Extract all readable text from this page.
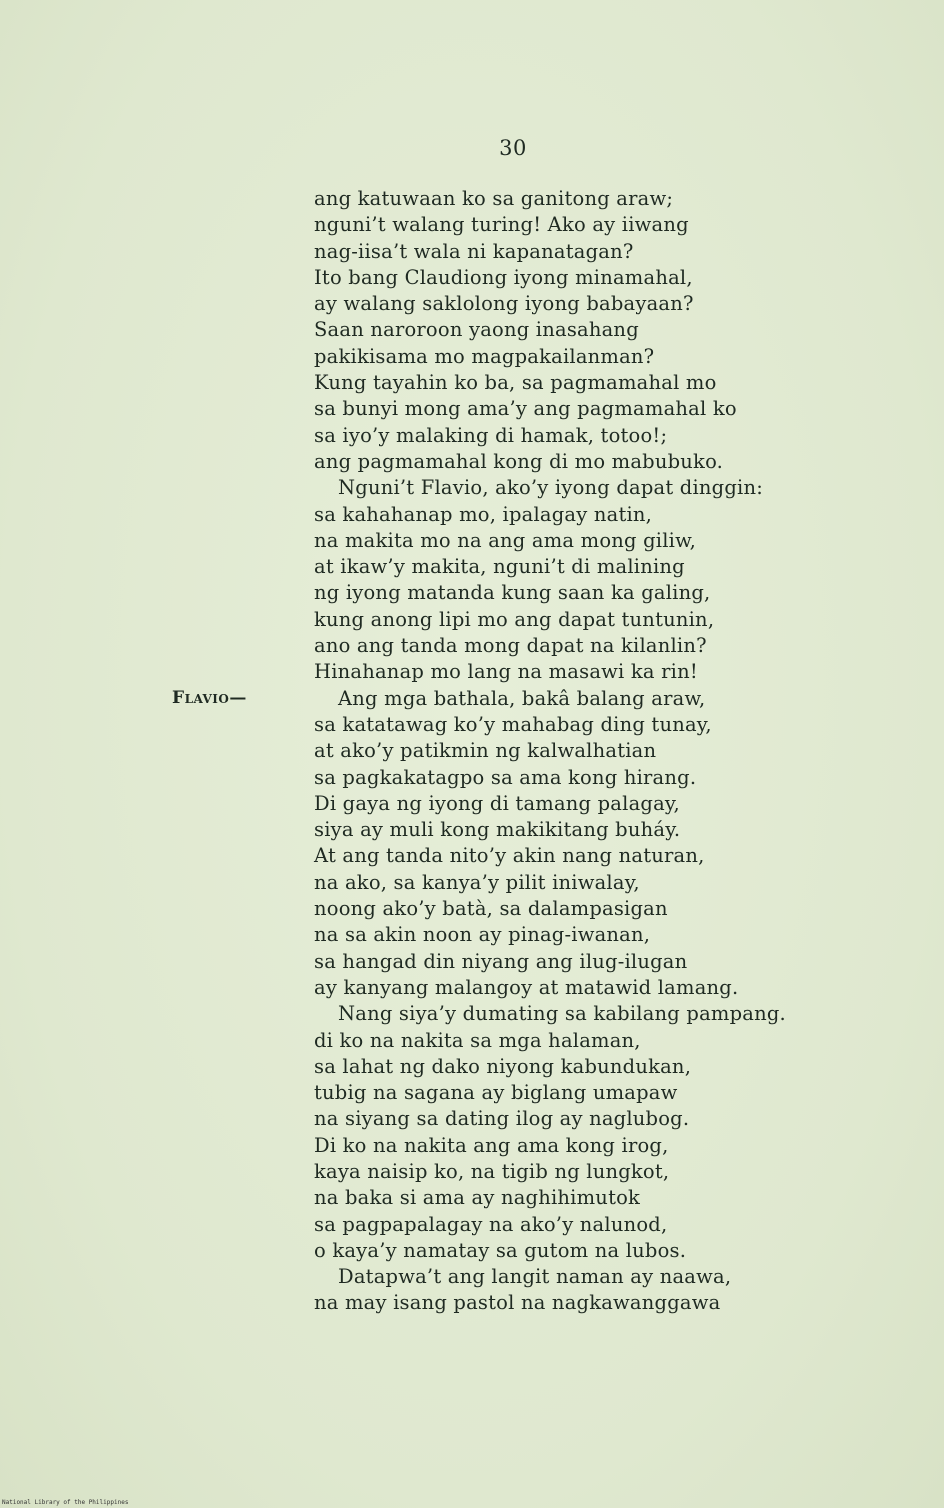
30
Flavio—
ang katuwaan ko sa ganitong araw;
nguni’t walang turing! Ako ay iiwang
nag-iisa’t wala ni kapanatagan?
Ito bang Claudiong iyong minamahal,
ay walang saklolong iyong babayaan?
Saan naroroon yaong inasahang
pakikisama mo magpakailanman?
Kung tayahin ko ba, sa pagmamahal mo
sa bunyi mong ama’y ang pagmamahal ko
sa iyo’y malaking di hamak, totoo!;
ang pagmamahal kong di mo mabubuko.
Nguni’t Flavio, ako’y iyong dapat dinggin:
sa kahahanap mo, ipalagay natin,
na makita mo na ang ama mong giliw,
at ikaw’y makita, nguni’t di malining
ng iyong matanda kung saan ka galing,
kung anong lipi mo ang dapat tuntunin,
ano ang tanda mong dapat na kilanlin?
Hinahanap mo lang na masawi ka rin!
Ang mga bathala, bakâ balang araw,
sa katatawag ko’y mahabag ding tunay,
at ako’y patikmin ng kalwalhatian
sa pagkakatagpo sa ama kong hirang.
Di gaya ng iyong di tamang palagay,
siya ay muli kong makikitang buháy.
At ang tanda nito’y akin nang naturan,
na ako, sa kanya’y pilit iniwalay,
noong ako’y batà, sa dalampasigan
na sa akin noon ay pinag-iwanan,
sa hangad din niyang ang ilug-ilugan
ay kanyang malangoy at matawid lamang.
Nang siya’y dumating sa kabilang pampang.
di ko na nakita sa mga halaman,
sa lahat ng dako niyong kabundukan,
tubig na sagana ay biglang umapaw
na siyang sa dating ilog ay naglubog.
Di ko na nakita ang ama kong irog,
kaya naisip ko, na tigib ng lungkot,
na baka si ama ay naghihimutok
sa pagpapalagay na ako’y nalunod,
o kaya’y namatay sa gutom na lubos.
Datapwa’t ang langit naman ay naawa,
na may isang pastol na nagkawanggawa
National Library of the Philippines
